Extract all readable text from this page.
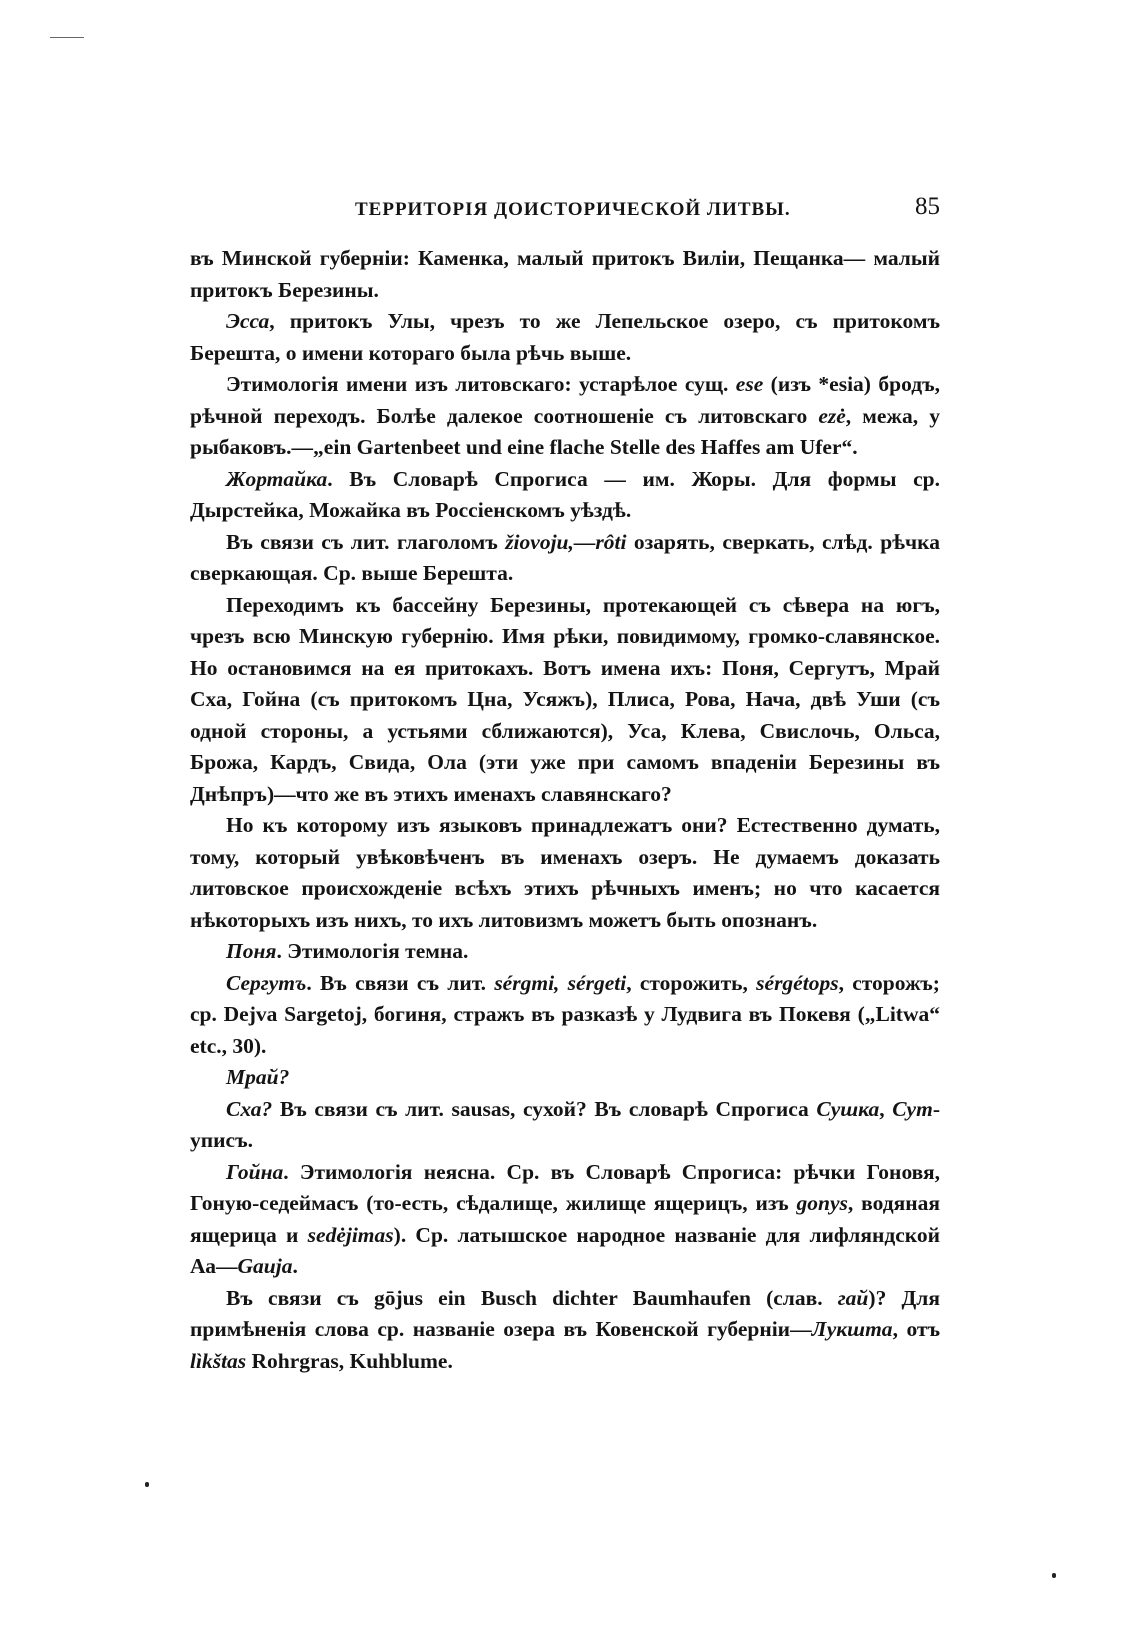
ТЕРРИТОРІЯ ДОИСТОРИЧЕСКОЙ ЛИТВЫ.	85

въ Минской губерніи: Каменка, малый притокъ Виліи, Пещанка— малый притокъ Березины.

Эсса, притокъ Улы, чрезъ то же Лепельское озеро, съ притокомъ Берешта, о имени котораго была рѣчь выше.

Этимологія имени изъ литовскаго: устарѣлое сущ. ese (изъ *esia) бродъ, рѣчной переходъ. Болѣе далекое соотношеніе съ литовскаго ezė, межа, у рыбаковъ.—„ein Gartenbeet und eine flache Stelle des Haffes am Ufer“.

Жортайка. Въ Словарѣ Спрогиса — им. Жоры. Для формы ср. Дырстейка, Можайка въ Россіенскомъ уѣздѣ.

Въ связи съ лит. глаголомъ žiovoju,—rôti озарять, сверкать, слѣд. рѣчка сверкающая. Ср. выше Берешта.

Переходимъ къ бассейну Березины, протекающей съ сѣвера на югъ, чрезъ всю Минскую губернію. Имя рѣки, повидимому, громко-славянское. Но остановимся на ея притокахъ. Вотъ имена ихъ: Поня, Сергутъ, Мрай Сха, Гойна (съ притокомъ Цна, Усяжъ), Плиса, Рова, Нача, двѣ Уши (съ одной стороны, а устьями сближаются), Уса, Клева, Свислочь, Ольса, Брожа, Кардъ, Свида, Ола (эти уже при самомъ впаденіи Березины въ Днѣпръ)—что же въ этихъ именахъ славянскаго?

Но къ которому изъ языковъ принадлежатъ они? Естественно думать, тому, который увѣковѣченъ въ именахъ озеръ. Не думаемъ доказать литовское происхожденіе всѣхъ этихъ рѣчныхъ именъ; но что касается нѣкоторыхъ изъ нихъ, то ихъ литовизмъ можетъ быть опознанъ.

Поня. Этимологія темна.

Сергутъ. Въ связи съ лит. sérgmi, sérgeti, сторожить, sérgétops, сторожъ; ср. Dejva Sargetoj, богиня, стражъ въ разказѣ у Лудвига въ Покевя („Litwa“ etc., 30).

Мрай?

Сха? Въ связи съ лит. sausas, сухой? Въ словарѣ Спрогиса Сушка, Сут-уписъ.

Гойна. Этимологія неясна. Ср. въ Словарѣ Спрогиса: рѣчки Гоновя, Гоную-седеймасъ (то-есть, сѣдалище, жилище ящерицъ, изъ gonys, водяная ящерица и sedėjimas). Ср. латышское народное названіе для лифляндской Аа—Gauja.

Въ связи съ gōjus ein Busch dichter Baumhaufen (слав. гай)? Для примѣненія слова ср. названіе озера въ Ковенской губерніи—Лукшта, отъ lìkštas Rohrgras, Kuhblume.
